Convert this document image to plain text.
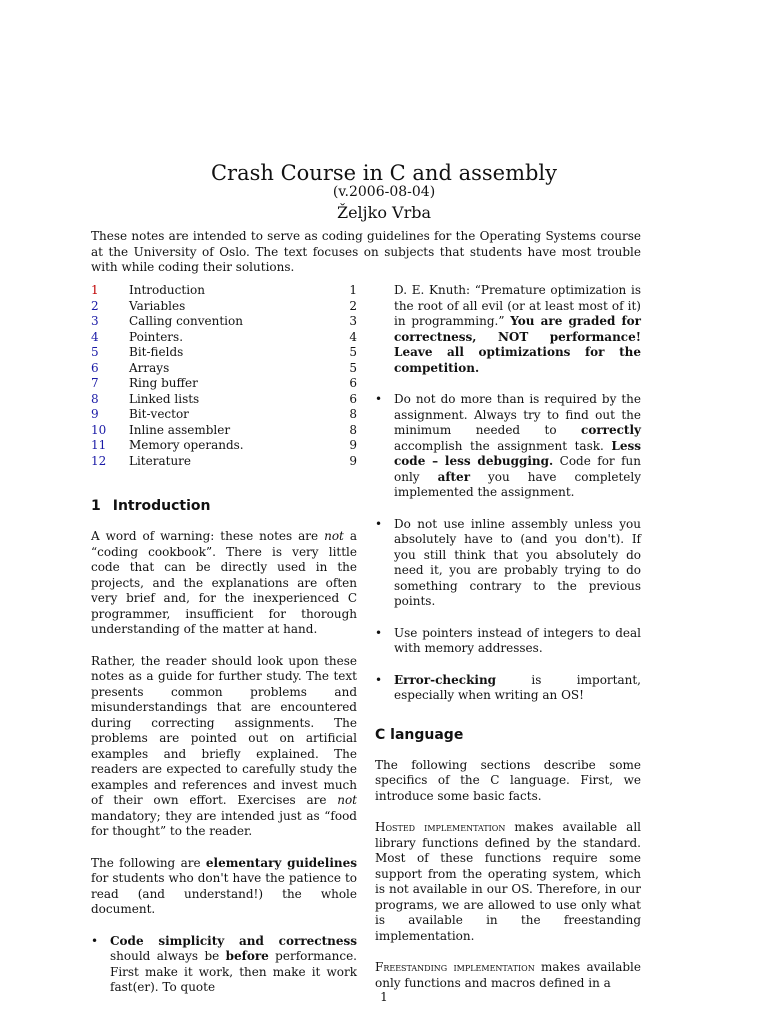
Crash Course in C and assembly
(v.2006-08-04)
Željko Vrba
These notes are intended to serve as coding guidelines for the Operating Systems course at the University of Oslo. The text focuses on subjects that students have most trouble with while coding their solutions.
1	Introduction	1
2	Variables	2
3	Calling convention	3
4	Pointers.	4
5	Bit-fields	5
6	Arrays	5
7	Ring buffer	6
8	Linked lists	6
9	Bit-vector	8
10 Inline assembler	8
11 Memory operands.	9
12 Literature	9
1 Introduction

A word of warning: these notes are not a “coding cookbook”. There is very little code that can be directly used in the projects, and the explanations are often very brief and, for the inexperienced C programmer, insufficient for thorough understanding of the matter at hand.

Rather, the reader should look upon these notes as a guide for further study. The text presents common problems and misunderstandings that are encountered during correcting assignments. The problems are pointed out on artificial examples and briefly explained. The readers are expected to carefully study the examples and references and invest much of their own effort. Exercises are not mandatory; they are intended just as “food for thought” to the reader.

The following are elementary guidelines for students who don't have the patience to read (and understand!) the whole document.

• Code simplicity and correctness should always be before performance. First make it work, then make it work fast(er). To quote
D. E. Knuth: “Premature optimization is the root of all evil (or at least most of it) in programming.” You are graded for correctness, NOT performance! Leave all optimizations for the competition.
• Do not do more than is required by the assignment. Always try to find out the minimum needed to correctly accomplish the assignment task. Less code – less debugging. Code for fun only after you have completely implemented the assignment.
• Do not use inline assembly unless you absolutely have to (and you don't). If you still think that you absolutely do need it, you are probably trying to do something contrary to the previous points.
• Use pointers instead of integers to deal with memory addresses.
• Error-checking is important, especially when writing an OS!
C language

The following sections describe some specifics of the C language. First, we introduce some basic facts.

Hosted implementation makes available all library functions defined by the standard. Most of these functions require some support from the operating system, which is not available in our OS. Therefore, in our programs, we are allowed to use only what is available in the freestanding implementation.

Freestanding implementation makes available only functions and macros defined in a

1
